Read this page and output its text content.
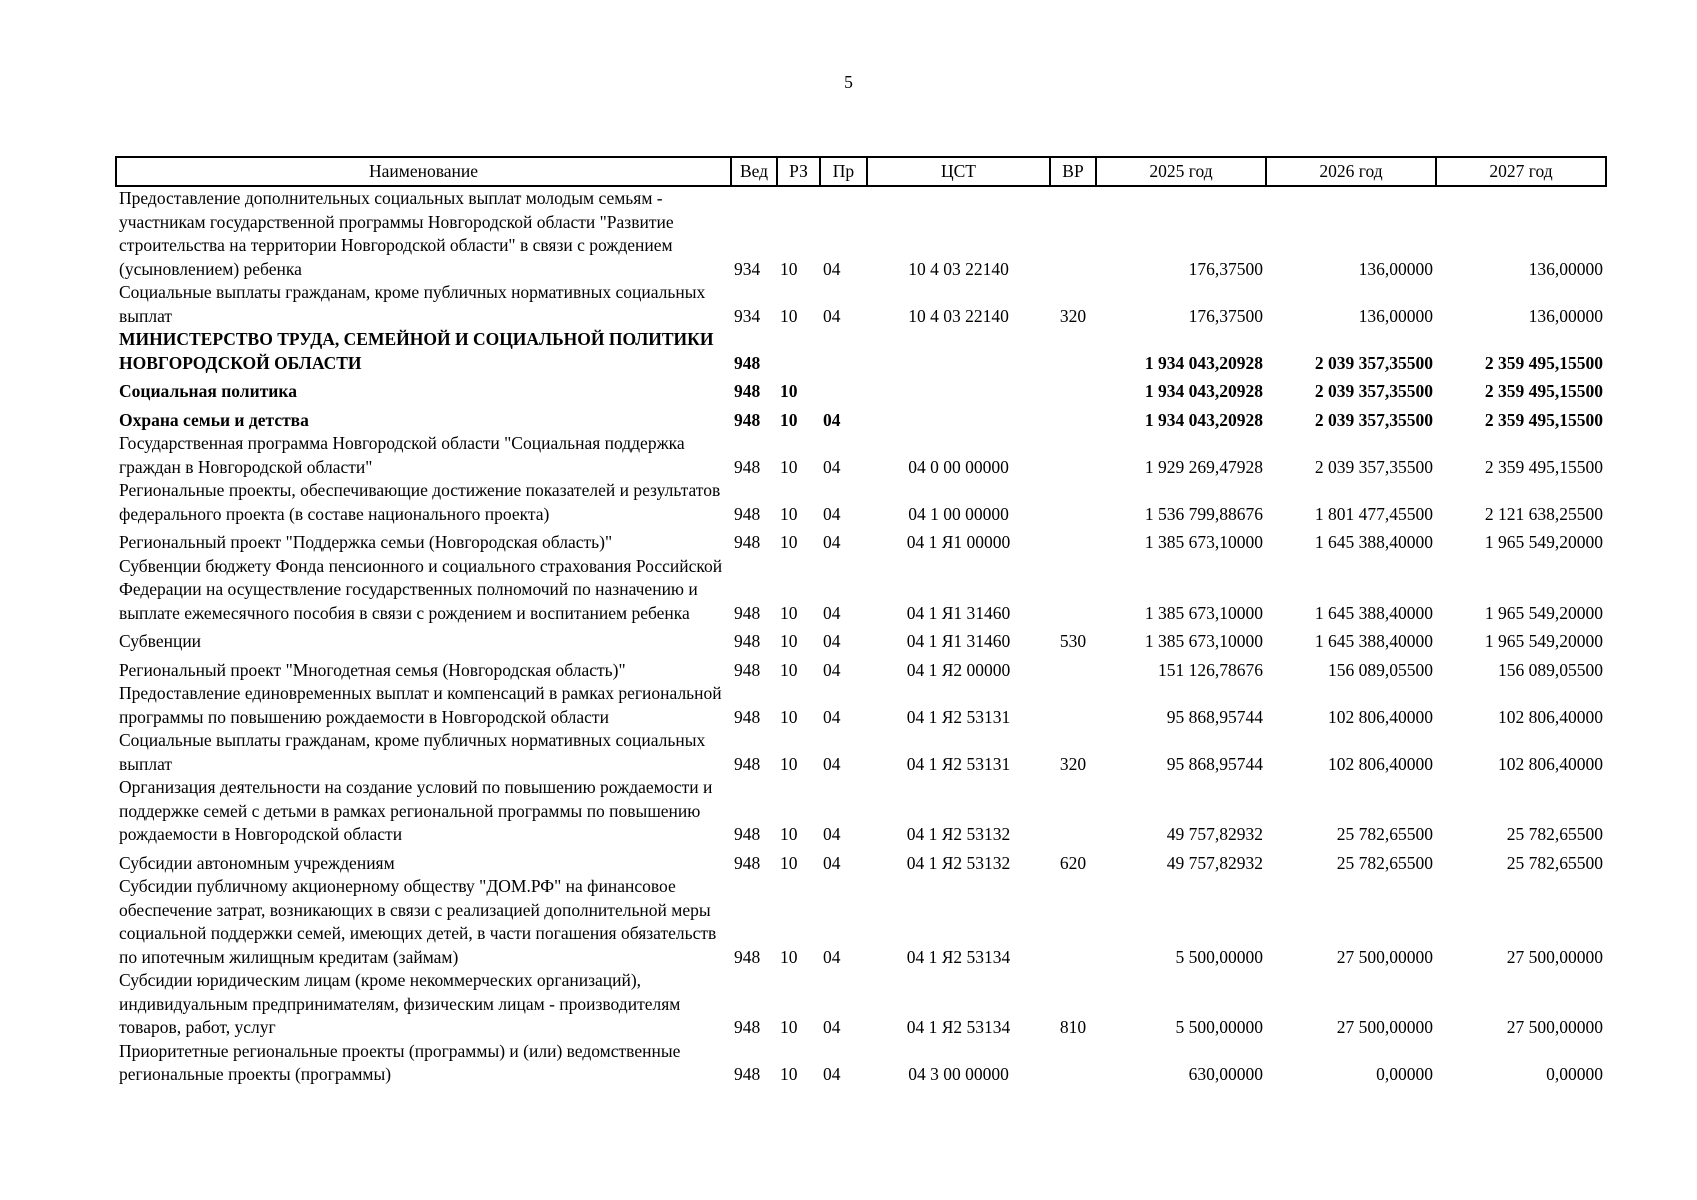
5
Наименование	Вед	РЗ	Пр	ЦСТ	ВР	2025 год	2026 год	2027 год
Предоставление дополнительных социальных выплат молодым семьям - участникам государственной программы Новгородской области "Развитие строительства на территории Новгородской области" в связи с рождением (усыновлением) ребенка	934	10	04	10 4 03 22140		176,37500	136,00000	136,00000
Социальные выплаты гражданам, кроме публичных нормативных социальных выплат	934	10	04	10 4 03 22140	320	176,37500	136,00000	136,00000
МИНИСТЕРСТВО ТРУДА, СЕМЕЙНОЙ И СОЦИАЛЬНОЙ ПОЛИТИКИ НОВГОРОДСКОЙ ОБЛАСТИ	948					1 934 043,20928	2 039 357,35500	2 359 495,15500
Социальная политика	948	10				1 934 043,20928	2 039 357,35500	2 359 495,15500
Охрана семьи и детства	948	10	04			1 934 043,20928	2 039 357,35500	2 359 495,15500
Государственная программа Новгородской области "Социальная поддержка граждан в Новгородской области"	948	10	04	04 0 00 00000		1 929 269,47928	2 039 357,35500	2 359 495,15500
Региональные проекты, обеспечивающие достижение показателей и результатов федерального проекта (в составе национального проекта)	948	10	04	04 1 00 00000		1 536 799,88676	1 801 477,45500	2 121 638,25500
Региональный проект "Поддержка семьи (Новгородская область)"	948	10	04	04 1 Я1 00000		1 385 673,10000	1 645 388,40000	1 965 549,20000
Субвенции бюджету Фонда пенсионного и социального страхования Российской Федерации на осуществление государственных полномочий по назначению и выплате ежемесячного пособия в связи с рождением и воспитанием ребенка	948	10	04	04 1 Я1 31460		1 385 673,10000	1 645 388,40000	1 965 549,20000
Субвенции	948	10	04	04 1 Я1 31460	530	1 385 673,10000	1 645 388,40000	1 965 549,20000
Региональный проект "Многодетная семья (Новгородская область)"	948	10	04	04 1 Я2 00000		151 126,78676	156 089,05500	156 089,05500
Предоставление единовременных выплат и компенсаций в рамках региональной программы по повышению рождаемости в Новгородской области	948	10	04	04 1 Я2 53131		95 868,95744	102 806,40000	102 806,40000
Социальные выплаты гражданам, кроме публичных нормативных социальных выплат	948	10	04	04 1 Я2 53131	320	95 868,95744	102 806,40000	102 806,40000
Организация деятельности на создание условий по повышению рождаемости и поддержке семей с детьми в рамках региональной программы по повышению рождаемости в Новгородской области	948	10	04	04 1 Я2 53132		49 757,82932	25 782,65500	25 782,65500
Субсидии автономным учреждениям	948	10	04	04 1 Я2 53132	620	49 757,82932	25 782,65500	25 782,65500
Субсидии публичному акционерному обществу "ДОМ.РФ" на финансовое обеспечение затрат, возникающих в связи с реализацией дополнительной меры социальной поддержки семей, имеющих детей, в части погашения обязательств по ипотечным жилищным кредитам (займам)	948	10	04	04 1 Я2 53134		5 500,00000	27 500,00000	27 500,00000
Субсидии юридическим лицам (кроме некоммерческих организаций), индивидуальным предпринимателям, физическим лицам - производителям товаров, работ, услуг	948	10	04	04 1 Я2 53134	810	5 500,00000	27 500,00000	27 500,00000
Приоритетные региональные проекты (программы) и (или) ведомственные региональные проекты (программы)	948	10	04	04 3 00 00000		630,00000	0,00000	0,00000
